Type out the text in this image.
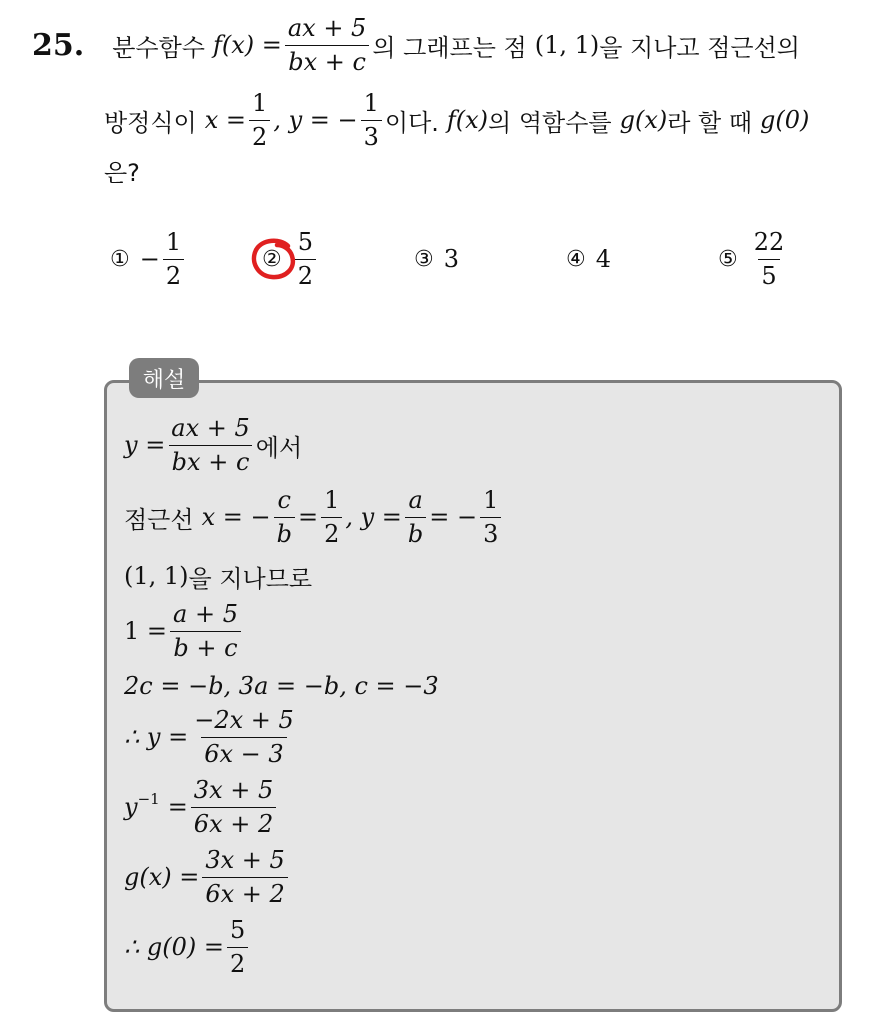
25. 분수함수 $f(x) = \frac{ax + 5}{bx + c}$ 의 그래프는 점 (1, 1) 을 지나고 점근선의
방정식이 $x = \frac{1}{2}$ , y = − $\frac{1}{3}$ 이다. f(x) 의 역함수를 g(x) 라 할 때 g(0)
은?
① − $\frac{1}{2}$	② $\frac{5}{2}$	③ 3	④ 4	⑤ $\frac{22}{5}$
해설
$y = \frac{ax + 5}{bx + c}$ 에서
점근선 x = − $\frac{c}{b} = \frac{1}{2}$ , $y = \frac{a}{b}$ = − $\frac{1}{3}$
(1, 1) 을 지나므로
$1 = \frac{a + 5}{b + c}$
2c = −b, 3a = −b, c = −3
∴ $y = \frac{-2x + 5}{6x - 3}$
$y^{-1} = \frac{3x + 5}{6x + 2}$
$g(x) = \frac{3x + 5}{6x + 2}$
∴ $g(0) = \frac{5}{2}$
